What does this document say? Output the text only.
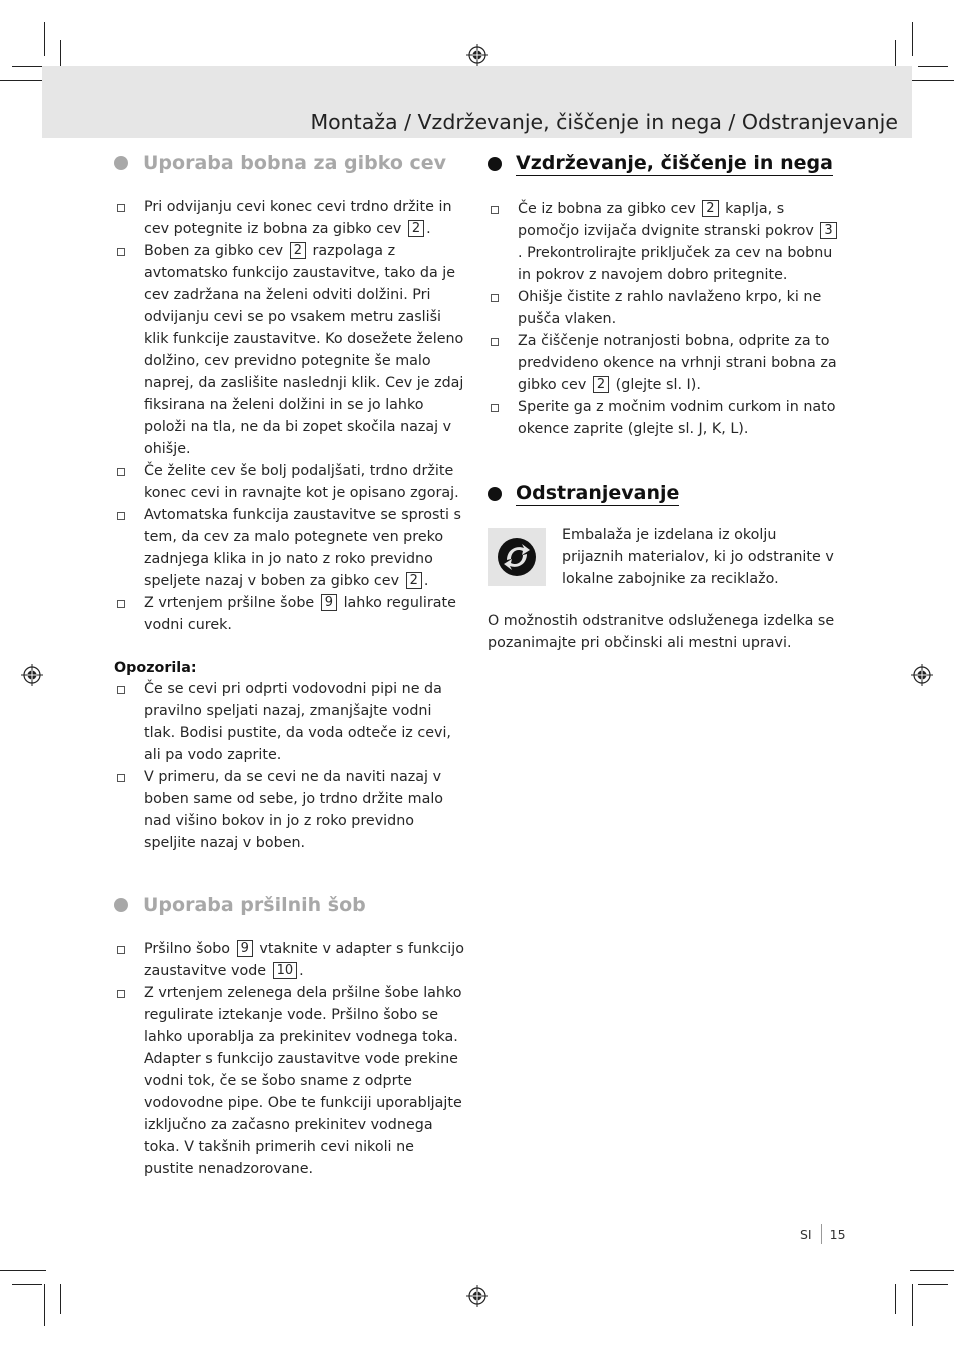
Montaža / Vzdrževanje, čiščenje in nega / Odstranjevanje
Uporaba bobna za gibko cev
Pri odvijanju cevi konec cevi trdno držite in cev potegnite iz bobna za gibko cev 2 .
Boben za gibko cev 2 razpolaga z avtomatsko funkcijo zaustavitve, tako da je cev zadržana na želeni odviti dolžini. Pri odvijanju cevi se po vsakem metru zasliši klik funkcije zaustavitve. Ko dosežete želeno dolžino, cev previdno potegnite še malo naprej, da zaslišite naslednji klik. Cev je zdaj fiksirana na želeni dolžini in se jo lahko položi na tla, ne da bi zopet skočila nazaj v ohišje.
Če želite cev še bolj podaljšati, trdno držite konec cevi in ravnajte kot je opisano zgoraj.
Avtomatska funkcija zaustavitve se sprosti s tem, da cev za malo potegnete ven preko zadnjega klika in jo nato z roko previdno speljete nazaj v boben za gibko cev 2 .
Z vrtenjem pršilne šobe 9 lahko regulirate vodni curek.
Opozorila:
Če se cevi pri odprti vodovodni pipi ne da pravilno speljati nazaj, zmanjšajte vodni tlak. Bodisi pustite, da voda odteče iz cevi, ali pa vodo zaprite.
V primeru, da se cevi ne da naviti nazaj v boben same od sebe, jo trdno držite malo nad višino bokov in jo z roko previdno speljite nazaj v boben.
Uporaba pršilnih šob
Pršilno šobo 9 vtaknite v adapter s funkcijo zaustavitve vode 10 .
Z vrtenjem zelenega dela pršilne šobe lahko regulirate iztekanje vode. Pršilno šobo se lahko uporablja za prekinitev vodnega toka. Adapter s funkcijo zaustavitve vode prekine vodni tok, če se šobo sname z odprte vodovodne pipe. Obe te funkciji uporabljajte izključno za začasno prekinitev vodnega toka. V takšnih primerih cevi nikoli ne pustite nenadzorovane.
Vzdrževanje, čiščenje in nega
Če iz bobna za gibko cev 2 kaplja, s pomočjo izvijača dvignite stranski pokrov 3. Prekontrolirajte priključek za cev na bobnu in pokrov z navojem dobro pritegnite.
Ohišje čistite z rahlo navlaženo krpo, ki ne pušča vlaken.
Za čiščenje notranjosti bobna, odprite za to predvideno okence na vrhnji strani bobna za gibko cev 2 (glejte sl. I).
Sperite ga z močnim vodnim curkom in nato okence zaprite (glejte sl. J, K, L).
Odstranjevanje

Embalaža je izdelana iz okolju prijaznih materialov, ki jo odstranite v lokalne zabojnike za reciklažo.

O možnostih odstranitve odsluženega izdelka se pozanimajte pri občinski ali mestni upravi.

SI 15
